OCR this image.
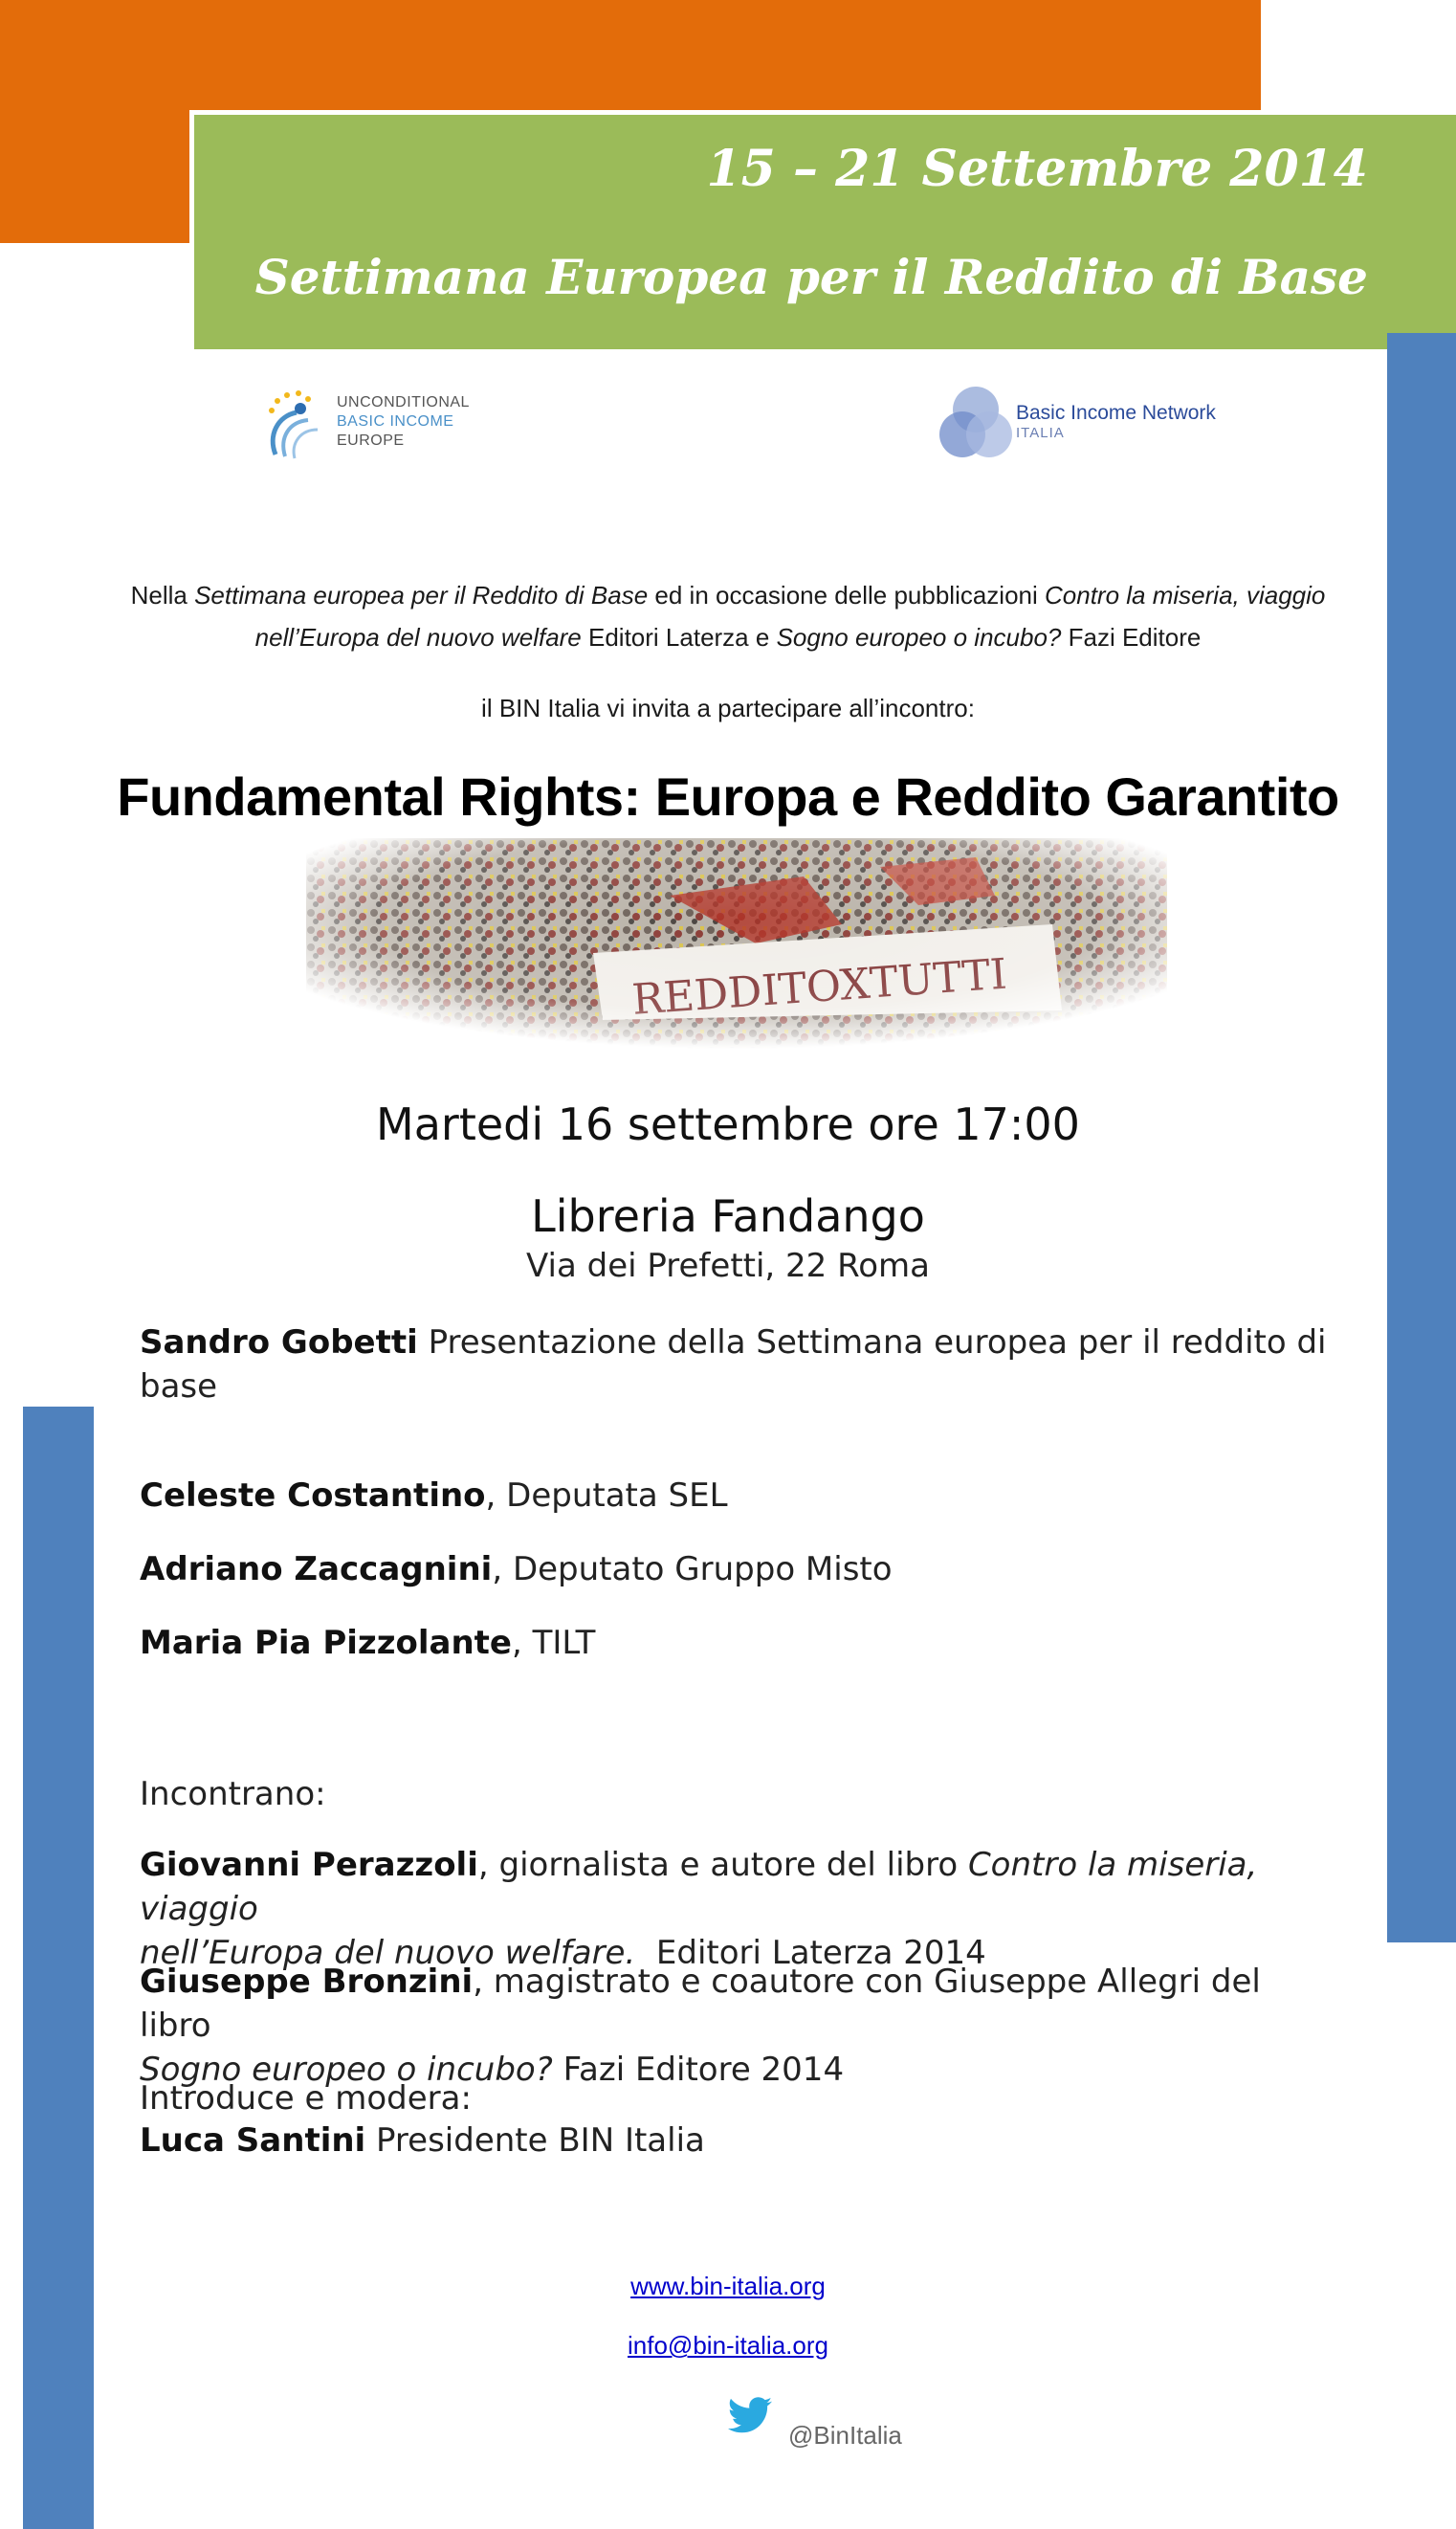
15 – 21 Settembre 2014
Settimana Europea per il Reddito di Base
UNCONDITIONAL
BASIC INCOME
EUROPE
Basic Income Network
ITALIA
Nella Settimana europea per il Reddito di Base ed in occasione delle pubblicazioni Contro la miseria, viaggio
nell’Europa del nuovo welfare Editori Laterza e Sogno europeo o incubo? Fazi Editore
il BIN Italia vi invita a partecipare all’incontro:
Fundamental Rights: Europa e Reddito Garantito
Martedi 16 settembre ore 17:00
Libreria Fandango
Via dei Prefetti, 22 Roma
Sandro Gobetti Presentazione della Settimana europea per il reddito di base
Celeste Costantino, Deputata SEL
Adriano Zaccagnini, Deputato Gruppo Misto
Maria Pia Pizzolante, TILT
Incontrano:
Giovanni Perazzoli, giornalista e autore del libro Contro la miseria, viaggio
nell’Europa del nuovo welfare.  Editori Laterza 2014
Giuseppe Bronzini, magistrato e coautore con Giuseppe Allegri del libro
Sogno europeo o incubo? Fazi Editore 2014
Introduce e modera:
Luca Santini Presidente BIN Italia
www.bin-italia.org
info@bin-italia.org
@BinItalia
